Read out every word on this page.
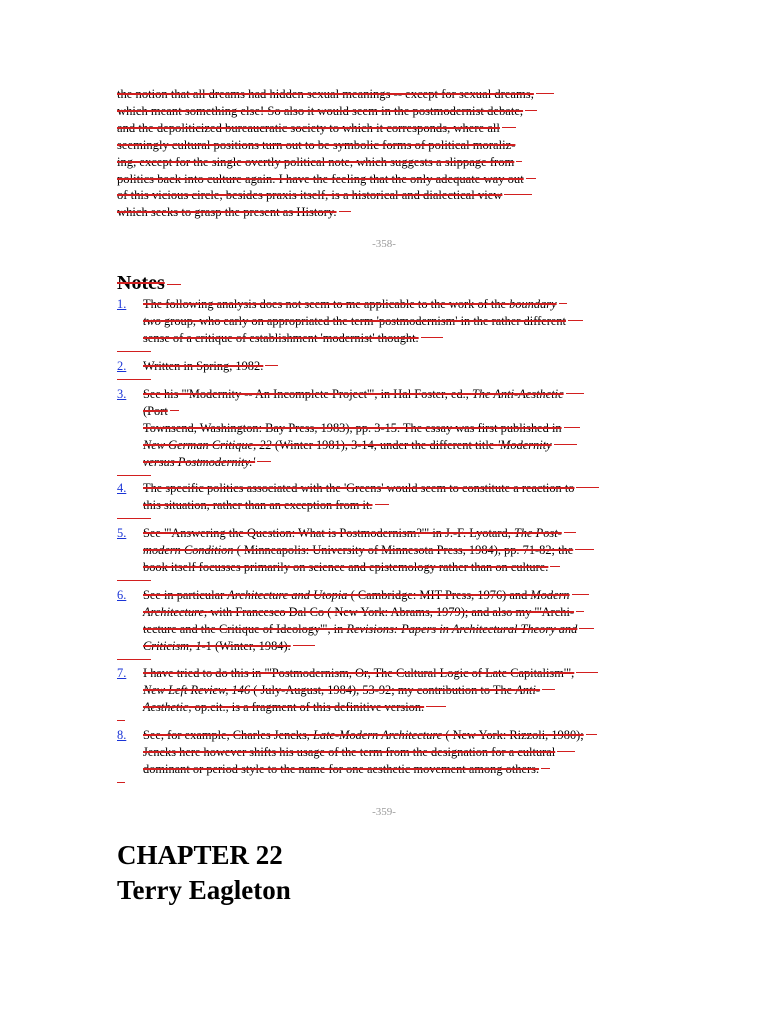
the notion that all dreams had hidden sexual meanings -- except for sexual dreams,
which meant something else! So also it would seem in the postmodernist debate,
and the depoliticized bureaucratic society to which it corresponds, where all
seemingly cultural positions turn out to be symbolic forms of political moraliz-
ing, except for the single overtly political note, which suggests a slippage from
politics back into culture again. I have the feeling that the only adequate way out
of this vicious circle, besides praxis itself, is a historical and dialectical view
which seeks to grasp the present as History.
-358-
Notes
1. The following analysis does not seem to me applicable to the work of the boundary
two group, who early on appropriated the term 'postmodernism' in the rather different
sense of a critique of establishment 'modernist' thought.
2. Written in Spring, 1982.
3. See his "'Modernity -- An Incomplete Project'", in Hal Foster, ed., The Anti-Aesthetic
(Port
Townsend, Washington: Bay Press, 1983), pp. 3-15. The essay was first published in
New German Critique, 22 (Winter 1981), 3-14, under the different title 'Modernity
versus Postmodernity.'
4. The specific politics associated with the 'Greens' would seem to constitute a reaction to
this situation, rather than an exception from it.
5. See "'Answering the Question: What is Postmodernism?'" in J.-F. Lyotard, The Post-
modern Condition ( Minneapolis: University of Minnesota Press, 1984), pp. 71-82; the
book itself focusses primarily on science and epistemology rather than on culture.
6. See in particular Architecture and Utopia ( Cambridge: MIT Press, 1976) and Modern
Architecture, with Francesco Dal Co ( New York: Abrams, 1979); and also my "'Archi-
tecture and the Critique of Ideology'", in Revisions: Papers in Architectural Theory and
Criticism, 1-1 (Winter, 1984).
7. I have tried to do this in "'Postmodernism, Or, The Cultural Logic of Late Capitalism'",
New Left Review, 146 ( July-August, 1984), 53-92; my contribution to The Anti-
Aesthetic, op.cit., is a fragment of this definitive version.
8. See, for example, Charles Jencks, Late-Modern Architecture ( New York: Rizzoli, 1980);
Jencks here however shifts his usage of the term from the designation for a cultural
dominant or period style to the name for one aesthetic movement among others.
-359-
CHAPTER 22
Terry Eagleton
